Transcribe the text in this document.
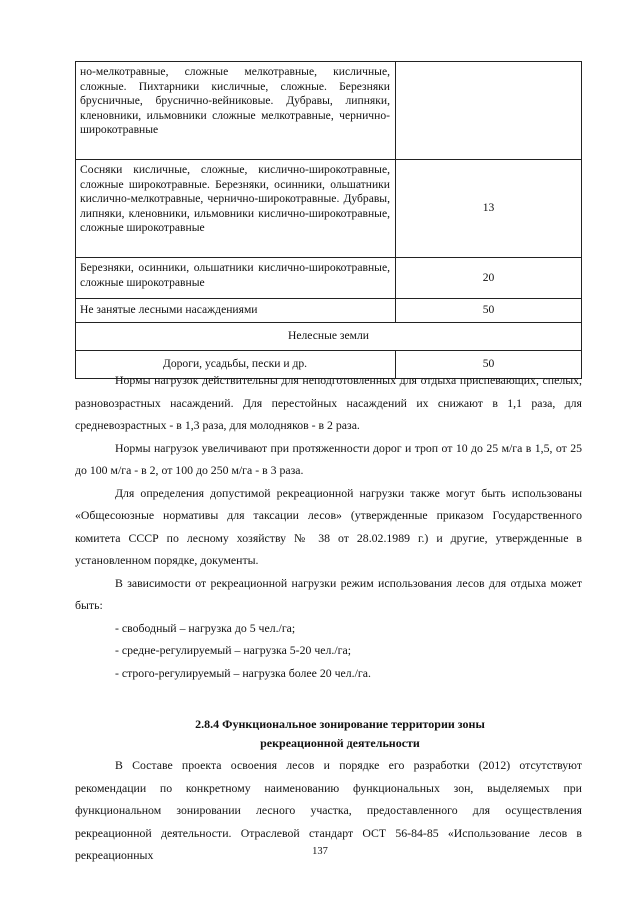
но-мелкотравные, сложные мелкотравные, кисличные, сложные. Пихтарники кисличные, сложные. Березняки брусничные, бруснично-вейниковые. Дубравы, липняки, кленовники, ильмовники сложные мелкотравные, чернично-широкотравные	
Сосняки кисличные, сложные, кислично-широкотравные, сложные широкотравные. Березняки, осинники, ольшатники кислично-мелкотравные, чернично-широкотравные. Дубравы, липняки, кленовники, ильмовники кислично-широкотравные, сложные широкотравные	13
Березняки, осинники, ольшатники кислично-широкотравные, сложные широкотравные	20
Не занятые лесными насаждениями	50
Нелесные земли	
Дороги, усадьбы, пески и др.	50

Нормы нагрузок действительны для неподготовленных для отдыха приспевающих, спелых, разновозрастных насаждений. Для перестойных насаждений их снижают в 1,1 раза, для средневозрастных - в 1,3 раза, для молодняков - в 2 раза.

Нормы нагрузок увеличивают при протяженности дорог и троп от 10 до 25 м/га в 1,5, от 25 до 100 м/га - в 2, от 100 до 250 м/га - в 3 раза.

Для определения допустимой рекреационной нагрузки также могут быть использованы «Общесоюзные нормативы для таксации лесов» (утвержденные приказом Государственного комитета СССР по лесному хозяйству № 38 от 28.02.1989 г.) и другие, утвержденные в установленном порядке, документы.

В зависимости от рекреационной нагрузки режим использования лесов для отдыха может быть:

- свободный – нагрузка до 5 чел./га;

- средне-регулируемый – нагрузка 5-20 чел./га;

- строго-регулируемый – нагрузка более 20 чел./га.

2.8.4 Функциональное зонирование территории зоны
рекреационной деятельности

В Составе проекта освоения лесов и порядке его разработки (2012) отсутствуют рекомендации по конкретному наименованию функциональных зон, выделяемых при функциональном зонировании лесного участка, предоставленного для осуществления рекреационной деятельности. Отраслевой стандарт ОСТ 56-84-85 «Использование лесов в рекреационных	137
